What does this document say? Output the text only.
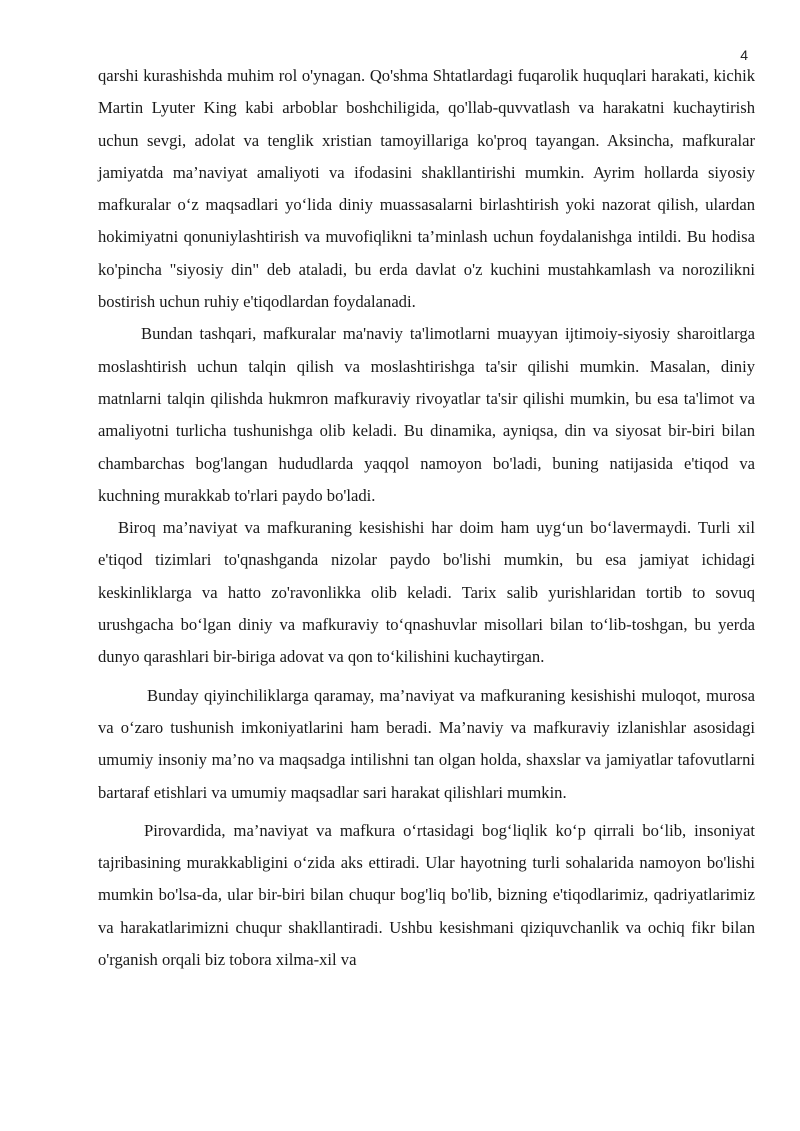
4

qarshi kurashishda muhim rol o'ynagan. Qo'shma Shtatlardagi fuqarolik huquqlari harakati, kichik Martin Lyuter King kabi arboblar boshchiligida, qo'llab-quvvatlash va harakatni kuchaytirish uchun sevgi, adolat va tenglik xristian tamoyillariga ko'proq tayangan. Aksincha, mafkuralar jamiyatda ma’naviyat amaliyoti va ifodasini shakllantirishi mumkin. Ayrim hollarda siyosiy mafkuralar o‘z maqsadlari yo‘lida diniy muassasalarni birlashtirish yoki nazorat qilish, ulardan hokimiyatni qonuniylashtirish va muvofiqlikni ta’minlash uchun foydalanishga intildi. Bu hodisa ko'pincha "siyosiy din" deb ataladi, bu erda davlat o'z kuchini mustahkamlash va norozilikni bostirish uchun ruhiy e'tiqodlardan foydalanadi.

Bundan tashqari, mafkuralar ma'naviy ta'limotlarni muayyan ijtimoiy-siyosiy sharoitlarga moslashtirish uchun talqin qilish va moslashtirishga ta'sir qilishi mumkin. Masalan, diniy matnlarni talqin qilishda hukmron mafkuraviy rivoyatlar ta'sir qilishi mumkin, bu esa ta'limot va amaliyotni turlicha tushunishga olib keladi. Bu dinamika, ayniqsa, din va siyosat bir-biri bilan chambarchas bog'langan hududlarda yaqqol namoyon bo'ladi, buning natijasida e'tiqod va kuchning murakkab to'rlari paydo bo'ladi.

Biroq ma’naviyat va mafkuraning kesishishi har doim ham uyg‘un bo‘lavermaydi. Turli xil e'tiqod tizimlari to'qnashganda nizolar paydo bo'lishi mumkin, bu esa jamiyat ichidagi keskinliklarga va hatto zo'ravonlikka olib keladi. Tarix salib yurishlaridan tortib to sovuq urushgacha bo‘lgan diniy va mafkuraviy to‘qnashuvlar misollari bilan to‘lib-toshgan, bu yerda dunyo qarashlari bir-biriga adovat va qon to‘kilishini kuchaytirgan.

Bunday qiyinchiliklarga qaramay, ma’naviyat va mafkuraning kesishishi muloqot, murosa va o‘zaro tushunish imkoniyatlarini ham beradi. Ma’naviy va mafkuraviy izlanishlar asosidagi umumiy insoniy ma’no va maqsadga intilishni tan olgan holda, shaxslar va jamiyatlar tafovutlarni bartaraf etishlari va umumiy maqsadlar sari harakat qilishlari mumkin.

Pirovardida, ma’naviyat va mafkura o‘rtasidagi bog‘liqlik ko‘p qirrali bo‘lib, insoniyat tajribasining murakkabligini o‘zida aks ettiradi. Ular hayotning turli sohalarida namoyon bo'lishi mumkin bo'lsa-da, ular bir-biri bilan chuqur bog'liq bo'lib, bizning e'tiqodlarimiz, qadriyatlarimiz va harakatlarimizni chuqur shakllantiradi. Ushbu kesishmani qiziquvchanlik va ochiq fikr bilan o'rganish orqali biz tobora xilma-xil va
